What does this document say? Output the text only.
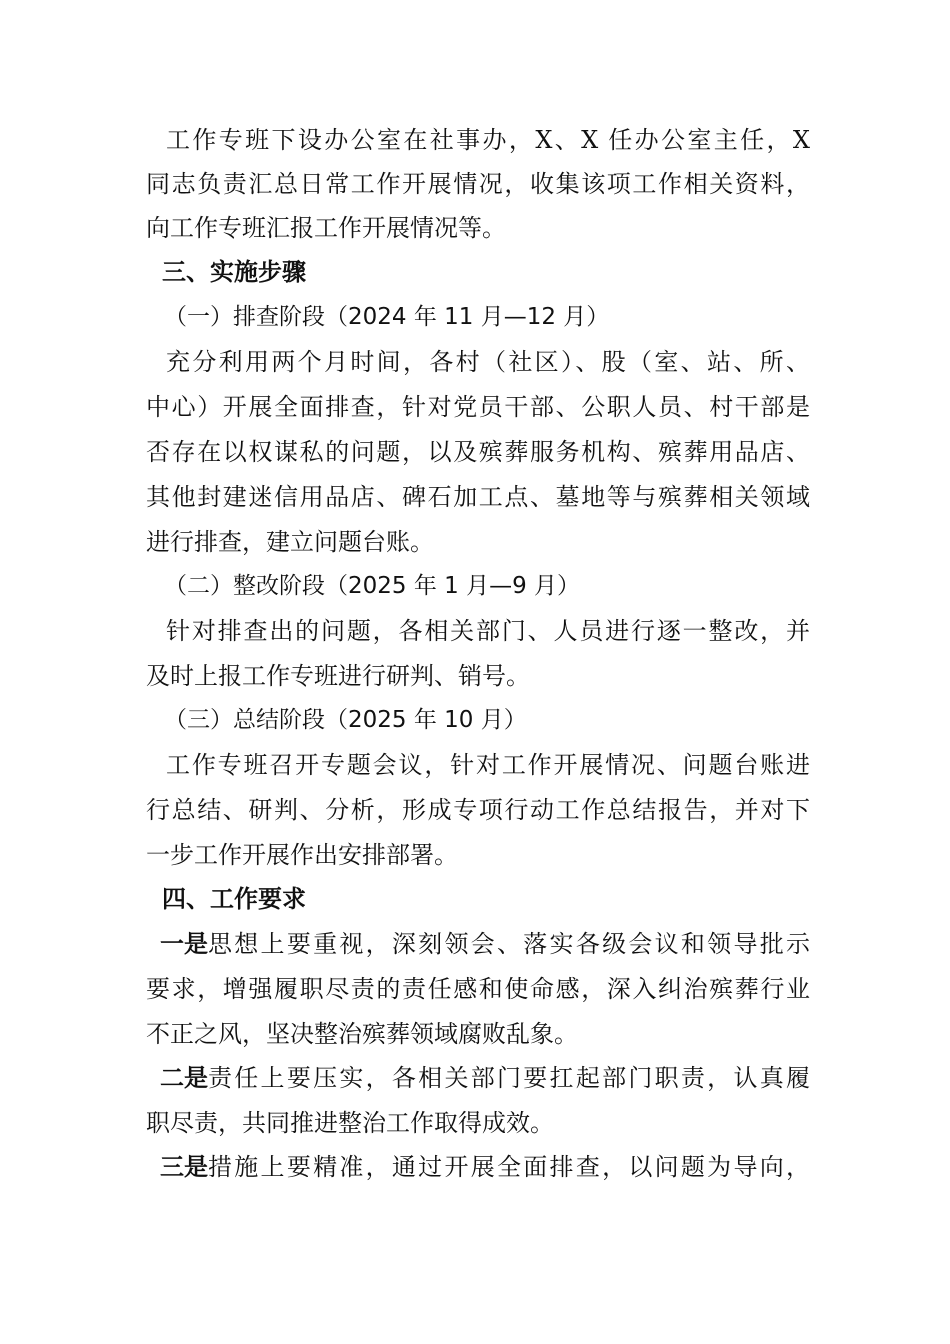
工作专班下设办公室在社事办，X、X 任办公室主任，X
同志负责汇总日常工作开展情况，收集该项工作相关资料，
向工作专班汇报工作开展情况等。
三、实施步骤
（一）排查阶段（2024 年 11 月—12 月）
充分利用两个月时间，各村（社区）、股（室、站、所、
中心）开展全面排查，针对党员干部、公职人员、村干部是
否存在以权谋私的问题，以及殡葬服务机构、殡葬用品店、
其他封建迷信用品店、碑石加工点、墓地等与殡葬相关领域
进行排查，建立问题台账。
（二）整改阶段（2025 年 1 月—9 月）
针对排查出的问题，各相关部门、人员进行逐一整改，并
及时上报工作专班进行研判、销号。
（三）总结阶段（2025 年 10 月）
工作专班召开专题会议，针对工作开展情况、问题台账进
行总结、研判、分析，形成专项行动工作总结报告，并对下
一步工作开展作出安排部署。
四、工作要求
一是 思想上要重视，深刻领会、落实各级会议和领导批示
要求，增强履职尽责的责任感和使命感，深入纠治殡葬行业
不正之风，坚决整治殡葬领域腐败乱象。
二是 责任上要压实，各相关部门要扛起部门职责，认真履
职尽责，共同推进整治工作取得成效。
三是 措施上要精准，通过开展全面排查，以问题为导向，
